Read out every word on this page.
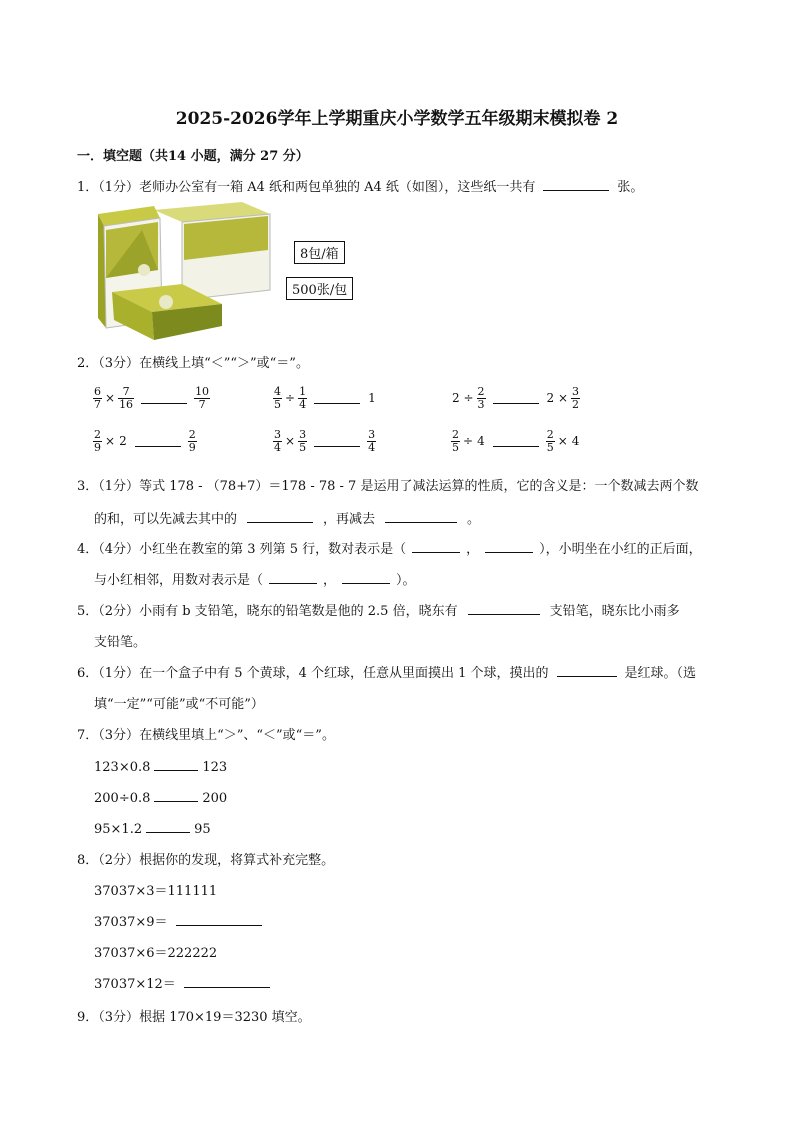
2025-2026学年上学期重庆小学数学五年级期末模拟卷 2
一．填空题（共14 小题，满分 27 分）
1．（1分）老师办公室有一箱 A4 纸和两包单独的 A4 纸（如图），这些纸一共有	张。
8包/箱
500张/包
2．（3分）在横线上填“＜”“＞”或“＝”。
$\frac{6}{7} \times \frac{7}{16}$	$\frac{10}{7}$	$\frac{4}{5} \div \frac{1}{4}$	1	$2 \div \frac{2}{3}$	$2 \times \frac{3}{2}$
$\frac{2}{9} \times 2$	$\frac{2}{9}$	$\frac{3}{4} \times \frac{3}{5}$	$\frac{3}{4}$	$\frac{2}{5} \div 4$	$\frac{2}{5} \times 4$
3．（1分）等式 178 - （78+7）＝178 - 78 - 7 是运用了减法运算的性质，它的含义是：一个数减去两个数
的和，可以先减去其中的	，再减去	。
4．（4分）小红坐在教室的第 3 列第 5 行，数对表示是（	，	），小明坐在小红的正后面，
与小红相邻，用数对表示是（	，	）。
5．（2分）小雨有 b 支铅笔，晓东的铅笔数是他的 2.5 倍，晓东有	支铅笔，晓东比小雨多
支铅笔。
6．（1分）在一个盒子中有 5 个黄球，4 个红球，任意从里面摸出 1 个球，摸出的	是红球。（选
填“一定”“可能”或“不可能”）
7．（3分）在横线里填上“＞”、“＜”或“＝”。
123×0.8	123
200÷0.8	200
95×1.2	95
8．（2分）根据你的发现，将算式补充完整。
37037×3＝111111
37037×9＝
37037×6＝222222
37037×12＝
9．（3分）根据 170×19＝3230 填空。
